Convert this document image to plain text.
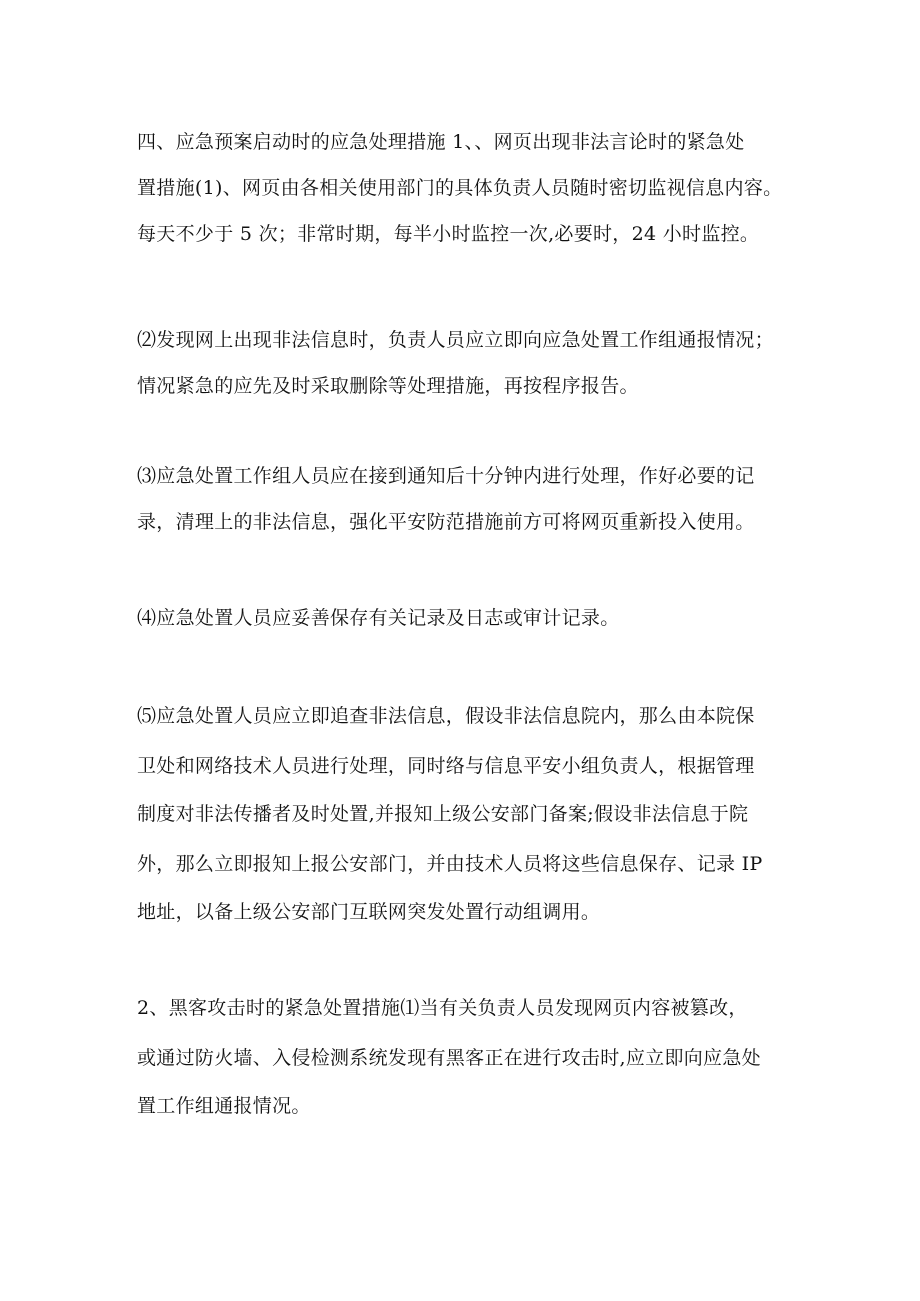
四、应急预案启动时的应急处理措施 1、、网页出现非法言论时的紧急处
置措施(1)、网页由各相关使用部门的具体负责人员随时密切监视信息内容。
每天不少于 5 次；非常时期，每半小时监控一次,必要时，24 小时监控。
⑵发现网上出现非法信息时，负责人员应立即向应急处置工作组通报情况；
情况紧急的应先及时采取删除等处理措施，再按程序报告。
⑶应急处置工作组人员应在接到通知后十分钟内进行处理，作好必要的记
录，清理上的非法信息，强化平安防范措施前方可将网页重新投入使用。
⑷应急处置人员应妥善保存有关记录及日志或审计记录。
⑸应急处置人员应立即追查非法信息，假设非法信息院内，那么由本院保
卫处和网络技术人员进行处理，同时络与信息平安小组负责人，根据管理
制度对非法传播者及时处置,并报知上级公安部门备案;假设非法信息于院
外，那么立即报知上报公安部门，并由技术人员将这些信息保存、记录 IP
地址，以备上级公安部门互联网突发处置行动组调用。
2、黑客攻击时的紧急处置措施⑴当有关负责人员发现网页内容被篡改，
或通过防火墙、入侵检测系统发现有黑客正在进行攻击时,应立即向应急处
置工作组通报情况。
